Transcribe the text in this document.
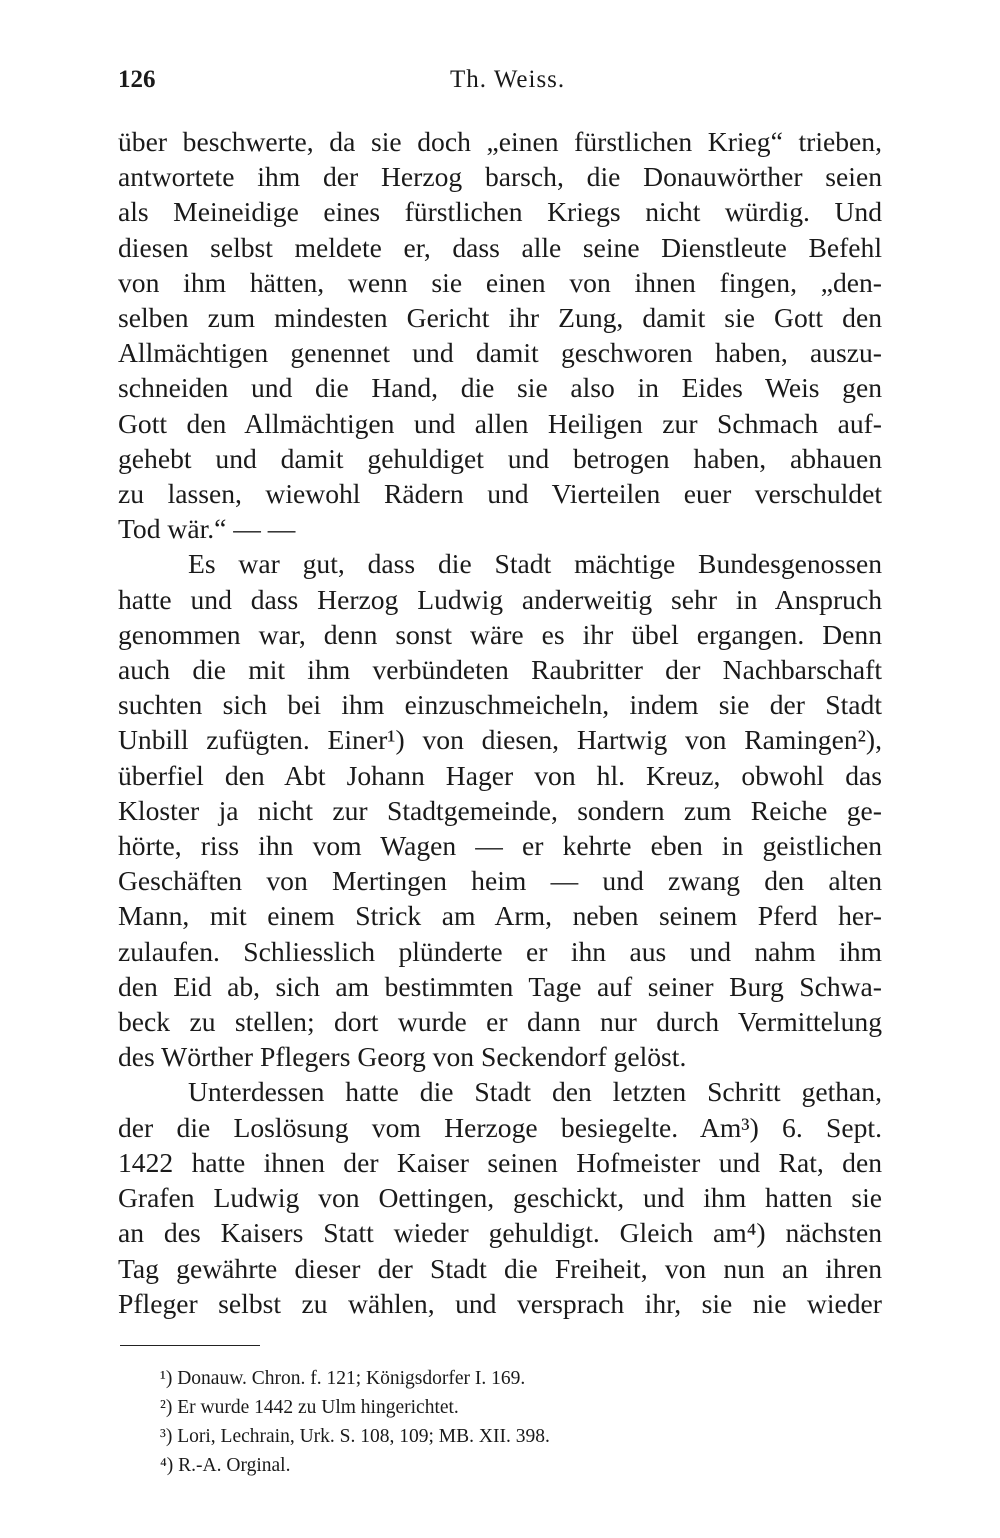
126	Th. Weiss.

über beschwerte, da sie doch „einen fürstlichen Krieg“ trieben,
antwortete ihm der Herzog barsch, die Donauwörther seien
als Meineidige eines fürstlichen Kriegs nicht würdig. Und
diesen selbst meldete er, dass alle seine Dienstleute Befehl
von ihm hätten, wenn sie einen von ihnen fingen, „den-
selben zum mindesten Gericht ihr Zung, damit sie Gott den
Allmächtigen genennet und damit geschworen haben, auszu-
schneiden und die Hand, die sie also in Eides Weis gen
Gott den Allmächtigen und allen Heiligen zur Schmach auf-
gehebt und damit gehuldiget und betrogen haben, abhauen
zu lassen, wiewohl Rädern und Vierteilen euer verschuldet
Tod wär.“ — —

Es war gut, dass die Stadt mächtige Bundesgenossen
hatte und dass Herzog Ludwig anderweitig sehr in Anspruch
genommen war, denn sonst wäre es ihr übel ergangen. Denn
auch die mit ihm verbündeten Raubritter der Nachbarschaft
suchten sich bei ihm einzuschmeicheln, indem sie der Stadt
Unbill zufügten. Einer¹) von diesen, Hartwig von Ramingen²),
überfiel den Abt Johann Hager von hl. Kreuz, obwohl das
Kloster ja nicht zur Stadtgemeinde, sondern zum Reiche ge-
hörte, riss ihn vom Wagen — er kehrte eben in geistlichen
Geschäften von Mertingen heim — und zwang den alten
Mann, mit einem Strick am Arm, neben seinem Pferd her-
zulaufen. Schliesslich plünderte er ihn aus und nahm ihm
den Eid ab, sich am bestimmten Tage auf seiner Burg Schwa-
beck zu stellen; dort wurde er dann nur durch Vermittelung
des Wörther Pflegers Georg von Seckendorf gelöst.

Unterdessen hatte die Stadt den letzten Schritt gethan,
der die Loslösung vom Herzoge besiegelte. Am³) 6. Sept.
1422 hatte ihnen der Kaiser seinen Hofmeister und Rat, den
Grafen Ludwig von Oettingen, geschickt, und ihm hatten sie
an des Kaisers Statt wieder gehuldigt. Gleich am⁴) nächsten
Tag gewährte dieser der Stadt die Freiheit, von nun an ihren
Pfleger selbst zu wählen, und versprach ihr, sie nie wieder

¹) Donauw. Chron. f. 121; Königsdorfer I. 169.
²) Er wurde 1442 zu Ulm hingerichtet.
³) Lori, Lechrain, Urk. S. 108, 109; MB. XII. 398.
⁴) R.-A. Orginal.
